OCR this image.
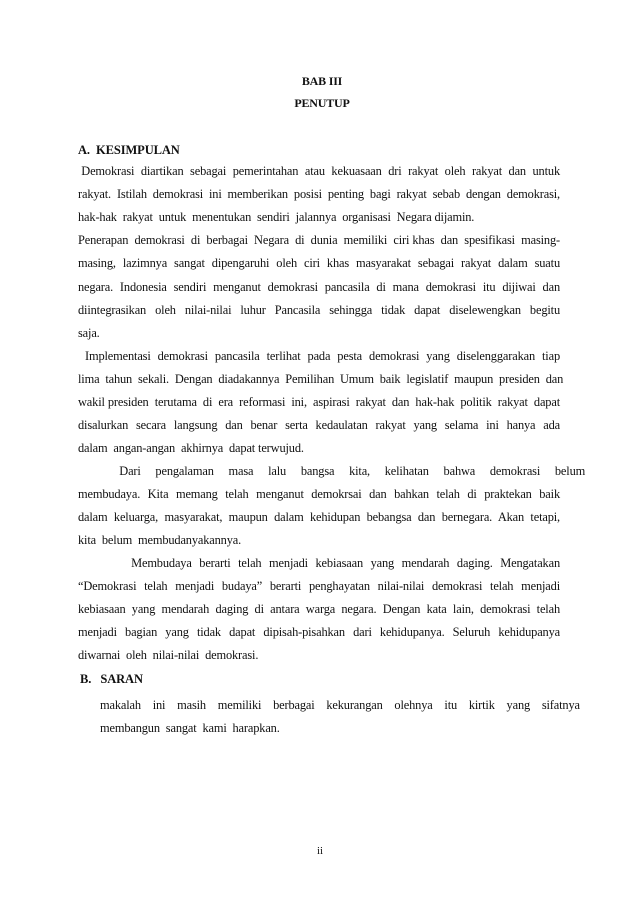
BAB III
PENUTUP
A.  KESIMPULAN
Demokrasi  diartikan  sebagai  pemerintahan  atau  kekuasaan  dri  rakyat  oleh  rakyat  dan  untuk
rakyat.  Istilah  demokrasi  ini  memberikan  posisi  penting  bagi  rakyat  sebab  dengan  demokrasi,
hak-hak  rakyat  untuk  menentukan  sendiri  jalannya  organisasi  Negara dijamin.
Penerapan  demokrasi  di  berbagai  Negara  di  dunia  memiliki  ciri khas  dan  spesifikasi  masing-
masing,  lazimnya  sangat  dipengaruhi  oleh  ciri  khas  masyarakat  sebagai  rakyat  dalam  suatu
negara.  Indonesia  sendiri  menganut  demokrasi  pancasila  di  mana  demokrasi  itu  dijiwai  dan
diintegrasikan   oleh   nilai-nilai   luhur   Pancasila   sehingga   tidak   dapat   diselewengkan   begitu
saja.
Implementasi  demokrasi  pancasila  terlihat  pada  pesta  demokrasi  yang  diselenggarakan  tiap
lima  tahun  sekali.  Dengan  diadakannya  Pemilihan  Umum  baik  legislatif  maupun  presiden  dan
wakil presiden  terutama  di  era  reformasi  ini,  aspirasi  rakyat  dan  hak-hak  politik  rakyat  dapat
disalurkan  secara  langsung  dan  benar  serta  kedaulatan  rakyat  yang  selama  ini  hanya  ada
dalam  angan-angan  akhirnya  dapat terwujud.
Dari     pengalaman     masa     lalu     bangsa     kita,     kelihatan     bahwa     demokrasi     belum
membudaya.  Kita  memang  telah  menganut  demokrsai  dan  bahkan  telah  di  praktekan  baik
dalam  keluarga,  masyarakat,  maupun  dalam  kehidupan  bebangsa  dan  bernegara.  Akan  tetapi,
kita  belum  membudanyakannya.
Membudaya  berarti  telah  menjadi  kebiasaan  yang  mendarah  daging.  Mengatakan
“Demokrasi  telah  menjadi  budaya”  berarti  penghayatan  nilai-nilai  demokrasi  telah  menjadi
kebiasaan  yang  mendarah  daging  di  antara  warga  negara.  Dengan  kata  lain,  demokrasi  telah
menjadi  bagian  yang  tidak  dapat  dipisah-pisahkan  dari  kehidupanya.  Seluruh  kehidupanya
diwarnai  oleh  nilai-nilai  demokrasi.
B.   SARAN
makalah    ini    masih    memiliki    berbagai    kekurangan    olehnya    itu    kirtik    yang    sifatnya
membangun  sangat  kami  harapkan.
ii
